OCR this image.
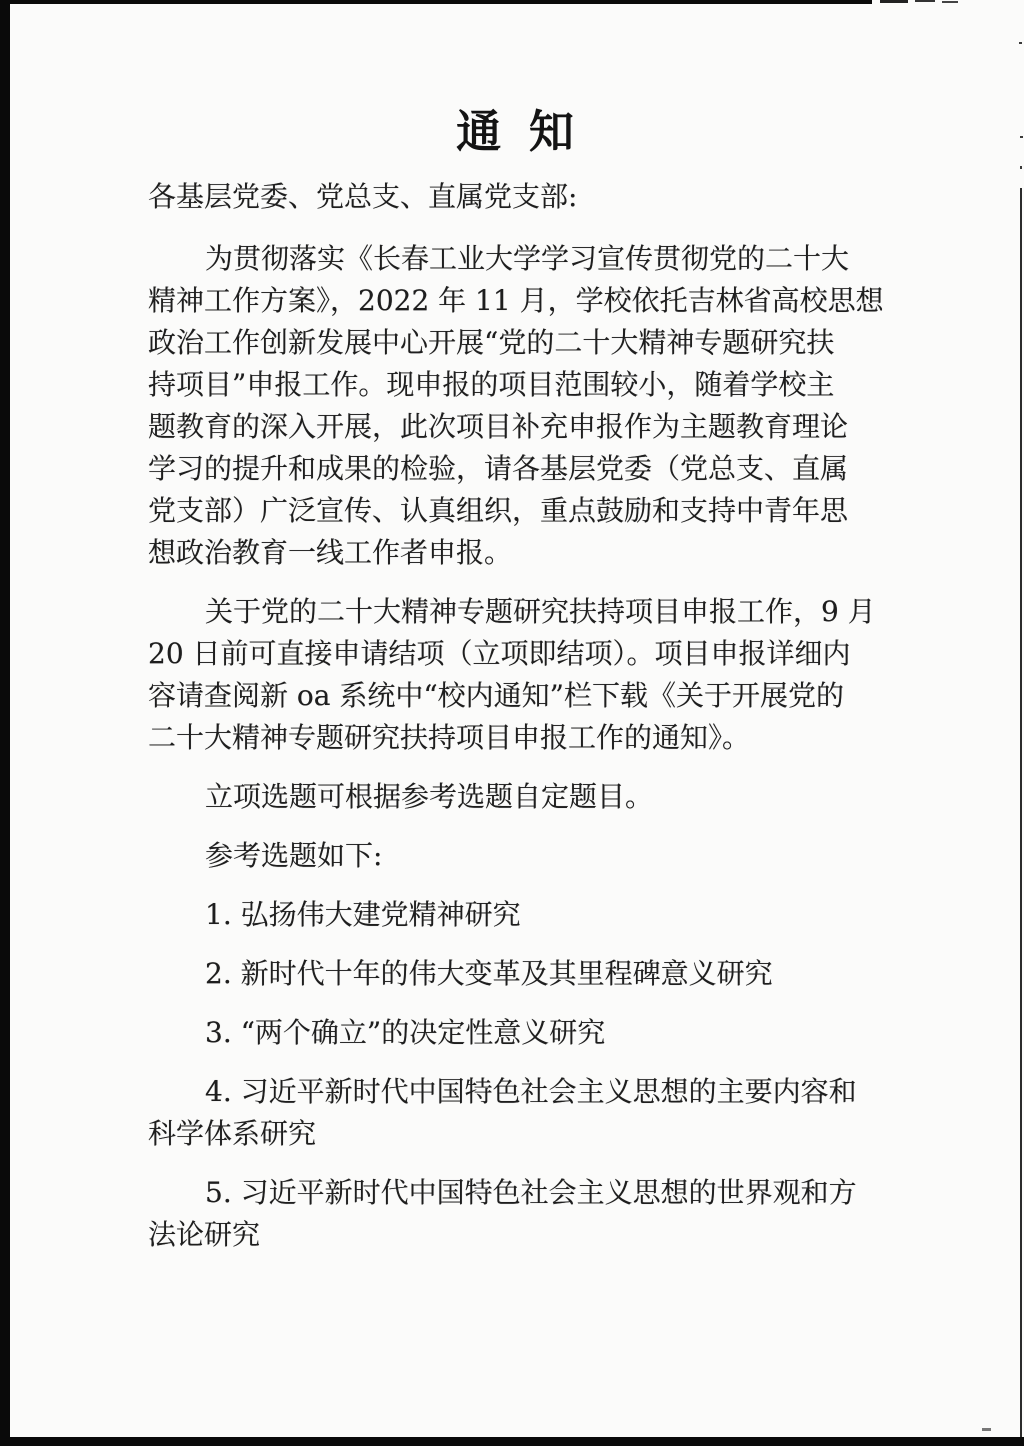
通 知
各基层党委、党总支、直属党支部:
为贯彻落实《长春工业大学学习宣传贯彻党的二十大
精神工作方案》，2022 年 11 月，学校依托吉林省高校思想
政治工作创新发展中心开展“党的二十大精神专题研究扶
持项目”申报工作。现申报的项目范围较小，随着学校主
题教育的深入开展，此次项目补充申报作为主题教育理论
学习的提升和成果的检验，请各基层党委（党总支、直属
党支部）广泛宣传、认真组织，重点鼓励和支持中青年思
想政治教育一线工作者申报。
关于党的二十大精神专题研究扶持项目申报工作，9 月
20 日前可直接申请结项（立项即结项）。项目申报详细内
容请查阅新 oa 系统中“校内通知”栏下载《关于开展党的
二十大精神专题研究扶持项目申报工作的通知》。
立项选题可根据参考选题自定题目。
参考选题如下:
1. 弘扬伟大建党精神研究
2. 新时代十年的伟大变革及其里程碑意义研究
3. “两个确立”的决定性意义研究
4. 习近平新时代中国特色社会主义思想的主要内容和
科学体系研究
5. 习近平新时代中国特色社会主义思想的世界观和方
法论研究
